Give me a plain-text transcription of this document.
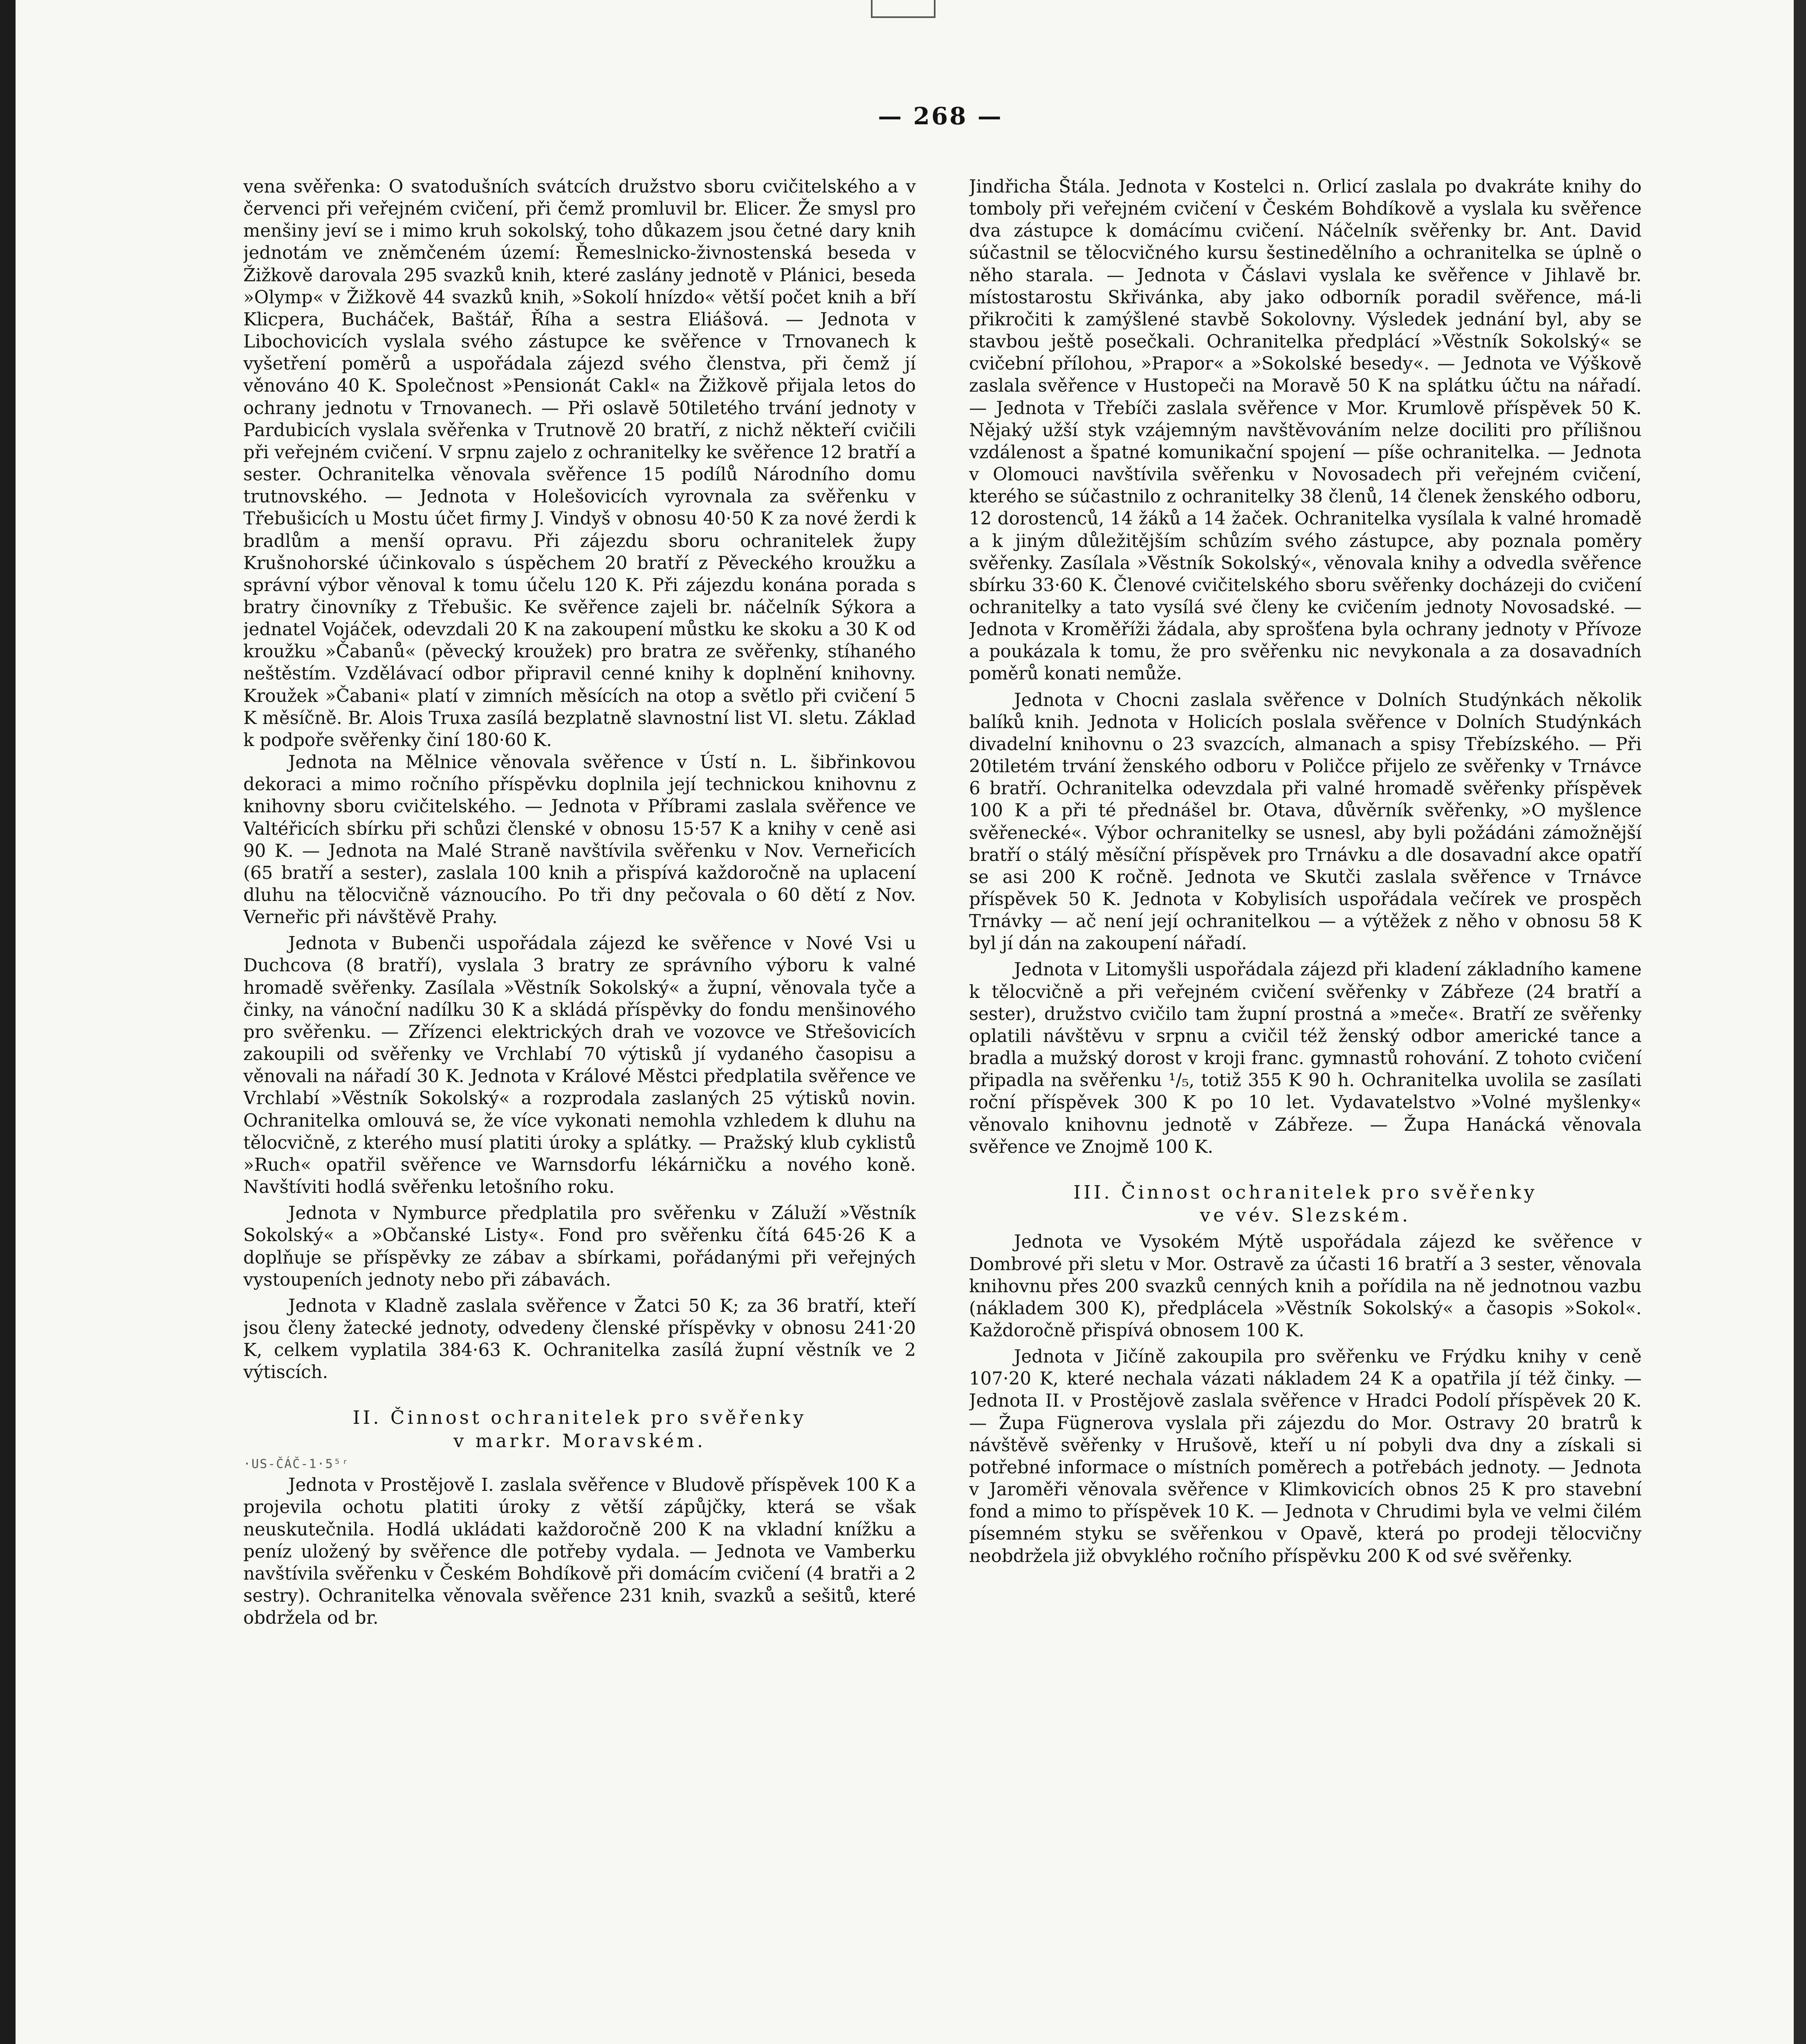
— 268 —

vena svěřenka: O svatodušních svátcích družstvo sboru cvičitelského a v červenci při veřejném cvičení, při čemž promluvil br. Elicer. Že smysl pro menšiny jeví se i mimo kruh sokolský, toho důkazem jsou četné dary knih jednotám ve zněmčeném území: Řemeslnicko-živnostenská beseda v Žižkově darovala 295 svazků knih, které zaslány jednotě v Plánici, beseda »Olymp« v Žižkově 44 svazků knih, »Sokolí hnízdo« větší počet knih a bří Klicpera, Bucháček, Baštář, Říha a sestra Eliášová. — Jednota v Libochovicích vyslala svého zástupce ke svěřence v Trnovanech k vyšetření poměrů a uspořádala zájezd svého členstva, při čemž jí věnováno 40 K. Společnost »Pensionát Cakl« na Žižkově přijala letos do ochrany jednotu v Trnovanech. — Při oslavě 50tiletého trvání jednoty v Pardubicích vyslala svěřenka v Trutnově 20 bratří, z nichž někteří cvičili při veřejném cvičení. V srpnu zajelo z ochranitelky ke svěřence 12 bratří a sester. Ochranitelka věnovala svěřence 15 podílů Národního domu trutnovského. — Jednota v Holešovicích vyrovnala za svěřenku v Třebušicích u Mostu účet firmy J. Vindyš v obnosu 40·50 K za nové žerdi k bradlům a menší opravu. Při zájezdu sboru ochranitelek župy Krušnohorské účinkovalo s úspěchem 20 bratří z Pěveckého kroužku a správní výbor věnoval k tomu účelu 120 K. Při zájezdu konána porada s bratry činovníky z Třebušic. Ke svěřence zajeli br. náčelník Sýkora a jednatel Vojáček, odevzdali 20 K na zakoupení můstku ke skoku a 30 K od kroužku »Čabanů« (pěvecký kroužek) pro bratra ze svěřenky, stíhaného neštěstím. Vzdělávací odbor připravil cenné knihy k doplnění knihovny. Kroužek »Čabani« platí v zimních měsících na otop a světlo při cvičení 5 K měsíčně. Br. Alois Truxa zasílá bezplatně slavnostní list VI. sletu. Základ k podpoře svěřenky činí 180·60 K.

Jednota na Mělnice věnovala svěřence v Ústí n. L. šibřinkovou dekoraci a mimo ročního příspěvku doplnila její technickou knihovnu z knihovny sboru cvičitelského. — Jednota v Příbrami zaslala svěřence ve Valtéřicích sbírku při schůzi členské v obnosu 15·57 K a knihy v ceně asi 90 K. — Jednota na Malé Straně navštívila svěřenku v Nov. Verneřicích (65 bratří a sester), zaslala 100 knih a přispívá každoročně na uplacení dluhu na tělocvičně váznoucího. Po tři dny pečovala o 60 dětí z Nov. Verneřic při návštěvě Prahy.

Jednota v Bubenči uspořádala zájezd ke svěřence v Nové Vsi u Duchcova (8 bratří), vyslala 3 bratry ze správního výboru k valné hromadě svěřenky. Zasílala »Věstník Sokolský« a župní, věnovala tyče a činky, na vánoční nadílku 30 K a skládá příspěvky do fondu menšinového pro svěřenku. — Zřízenci elektrických drah ve vozovce ve Střešovicích zakoupili od svěřenky ve Vrchlabí 70 výtisků jí vydaného časopisu a věnovali na nářadí 30 K. Jednota v Králové Městci předplatila svěřence ve Vrchlabí »Věstník Sokolský« a rozprodala zaslaných 25 výtisků novin. Ochranitelka omlouvá se, že více vykonati nemohla vzhledem k dluhu na tělocvičně, z kterého musí platiti úroky a splátky. — Pražský klub cyklistů »Ruch« opatřil svěřence ve Warnsdorfu lékárničku a nového koně. Navštíviti hodlá svěřenku letošního roku.

Jednota v Nymburce předplatila pro svěřenku v Záluží »Věstník Sokolský« a »Občanské Listy«. Fond pro svěřenku čítá 645·26 K a doplňuje se příspěvky ze zábav a sbírkami, pořádanými při veřejných vystoupeních jednoty nebo při zábavách.

Jednota v Kladně zaslala svěřence v Žatci 50 K; za 36 bratří, kteří jsou členy žatecké jednoty, odvedeny členské příspěvky v obnosu 241·20 K, celkem vyplatila 384·63 K. Ochranitelka zasílá župní věstník ve 2 výtiscích.

II. Činnost ochranitelek pro svěřenky
v markr. Moravském.
·US-ČÁČ-1·5⁵ʳ

Jednota v Prostějově I. zaslala svěřence v Bludově příspěvek 100 K a projevila ochotu platiti úroky z větší zápůjčky, která se však neuskutečnila. Hodlá ukládati každoročně 200 K na vkladní knížku a peníz uložený by svěřence dle potřeby vydala. — Jednota ve Vamberku navštívila svěřenku v Českém Bohdíkově při domácím cvičení (4 bratři a 2 sestry). Ochranitelka věnovala svěřence 231 knih, svazků a sešitů, které obdržela od br.

Jindřicha Štála. Jednota v Kostelci n. Orlicí zaslala po dvakráte knihy do tomboly při veřejném cvičení v Českém Bohdíkově a vyslala ku svěřence dva zástupce k domácímu cvičení. Náčelník svěřenky br. Ant. David súčastnil se tělocvičného kursu šestinedělního a ochranitelka se úplně o něho starala. — Jednota v Čáslavi vyslala ke svěřence v Jihlavě br. místostarostu Skřivánka, aby jako odborník poradil svěřence, má-li přikročiti k zamýšlené stavbě Sokolovny. Výsledek jednání byl, aby se stavbou ještě posečkali. Ochranitelka předplácí »Věstník Sokolský« se cvičební přílohou, »Prapor« a »Sokolské besedy«. — Jednota ve Výškově zaslala svěřence v Hustopeči na Moravě 50 K na splátku účtu na nářadí. — Jednota v Třebíči zaslala svěřence v Mor. Krumlově příspěvek 50 K. Nějaký užší styk vzájemným navštěvováním nelze dociliti pro přílišnou vzdálenost a špatné komunikační spojení — píše ochranitelka. — Jednota v Olomouci navštívila svěřenku v Novosadech při veřejném cvičení, kterého se súčastnilo z ochranitelky 38 členů, 14 členek ženského odboru, 12 dorostenců, 14 žáků a 14 žaček. Ochranitelka vysílala k valné hromadě a k jiným důležitějším schůzím svého zástupce, aby poznala poměry svěřenky. Zasílala »Věstník Sokolský«, věnovala knihy a odvedla svěřence sbírku 33·60 K. Členové cvičitelského sboru svěřenky docházeji do cvičení ochranitelky a tato vysílá své členy ke cvičením jednoty Novosadské. — Jednota v Kroměříži žádala, aby sprošťena byla ochrany jednoty v Přívoze a poukázala k tomu, že pro svěřenku nic nevykonala a za dosavadních poměrů konati nemůže.

Jednota v Chocni zaslala svěřence v Dolních Studýnkách několik balíků knih. Jednota v Holicích poslala svěřence v Dolních Studýnkách divadelní knihovnu o 23 svazcích, almanach a spisy Třebízského. — Při 20tiletém trvání ženského odboru v Poličce přijelo ze svěřenky v Trnávce 6 bratří. Ochranitelka odevzdala při valné hromadě svěřenky příspěvek 100 K a při té přednášel br. Otava, důvěrník svěřenky, »O myšlence svěřenecké«. Výbor ochranitelky se usnesl, aby byli požádáni zámožnější bratří o stálý měsíční příspěvek pro Trnávku a dle dosavadní akce opatří se asi 200 K ročně. Jednota ve Skutči zaslala svěřence v Trnávce příspěvek 50 K. Jednota v Kobylisích uspořádala večírek ve prospěch Trnávky — ač není její ochranitelkou — a výtěžek z něho v obnosu 58 K byl jí dán na zakoupení nářadí.

Jednota v Litomyšli uspořádala zájezd při kladení základního kamene k tělocvičně a při veřejném cvičení svěřenky v Zábřeze (24 bratří a sester), družstvo cvičilo tam župní prostná a »meče«. Bratří ze svěřenky oplatili návštěvu v srpnu a cvičil též ženský odbor americké tance a bradla a mužský dorost v kroji franc. gymnastů rohování. Z tohoto cvičení připadla na svěřenku ¹/₅, totiž 355 K 90 h. Ochranitelka uvolila se zasílati roční příspěvek 300 K po 10 let. Vydavatelstvo »Volné myšlenky« věnovalo knihovnu jednotě v Zábřeze. — Župa Hanácká věnovala svěřence ve Znojmě 100 K.

III. Činnost ochranitelek pro svěřenky
ve vév. Slezském.

Jednota ve Vysokém Mýtě uspořádala zájezd ke svěřence v Dombrové při sletu v Mor. Ostravě za účasti 16 bratří a 3 sester, věnovala knihovnu přes 200 svazků cenných knih a pořídila na ně jednotnou vazbu (nákladem 300 K), předplácela »Věstník Sokolský« a časopis »Sokol«. Každoročně přispívá obnosem 100 K.

Jednota v Jičíně zakoupila pro svěřenku ve Frýdku knihy v ceně 107·20 K, které nechala vázati nákladem 24 K a opatřila jí též činky. — Jednota II. v Prostějově zaslala svěřence v Hradci Podolí příspěvek 20 K. — Župa Fügnerova vyslala při zájezdu do Mor. Ostravy 20 bratrů k návštěvě svěřenky v Hrušově, kteří u ní pobyli dva dny a získali si potřebné informace o místních poměrech a potřebách jednoty. — Jednota v Jaroměři věnovala svěřence v Klimkovicích obnos 25 K pro stavební fond a mimo to příspěvek 10 K. — Jednota v Chrudimi byla ve velmi čilém písemném styku se svěřenkou v Opavě, která po prodeji tělocvičny neobdržela již obvyklého ročního příspěvku 200 K od své svěřenky.
